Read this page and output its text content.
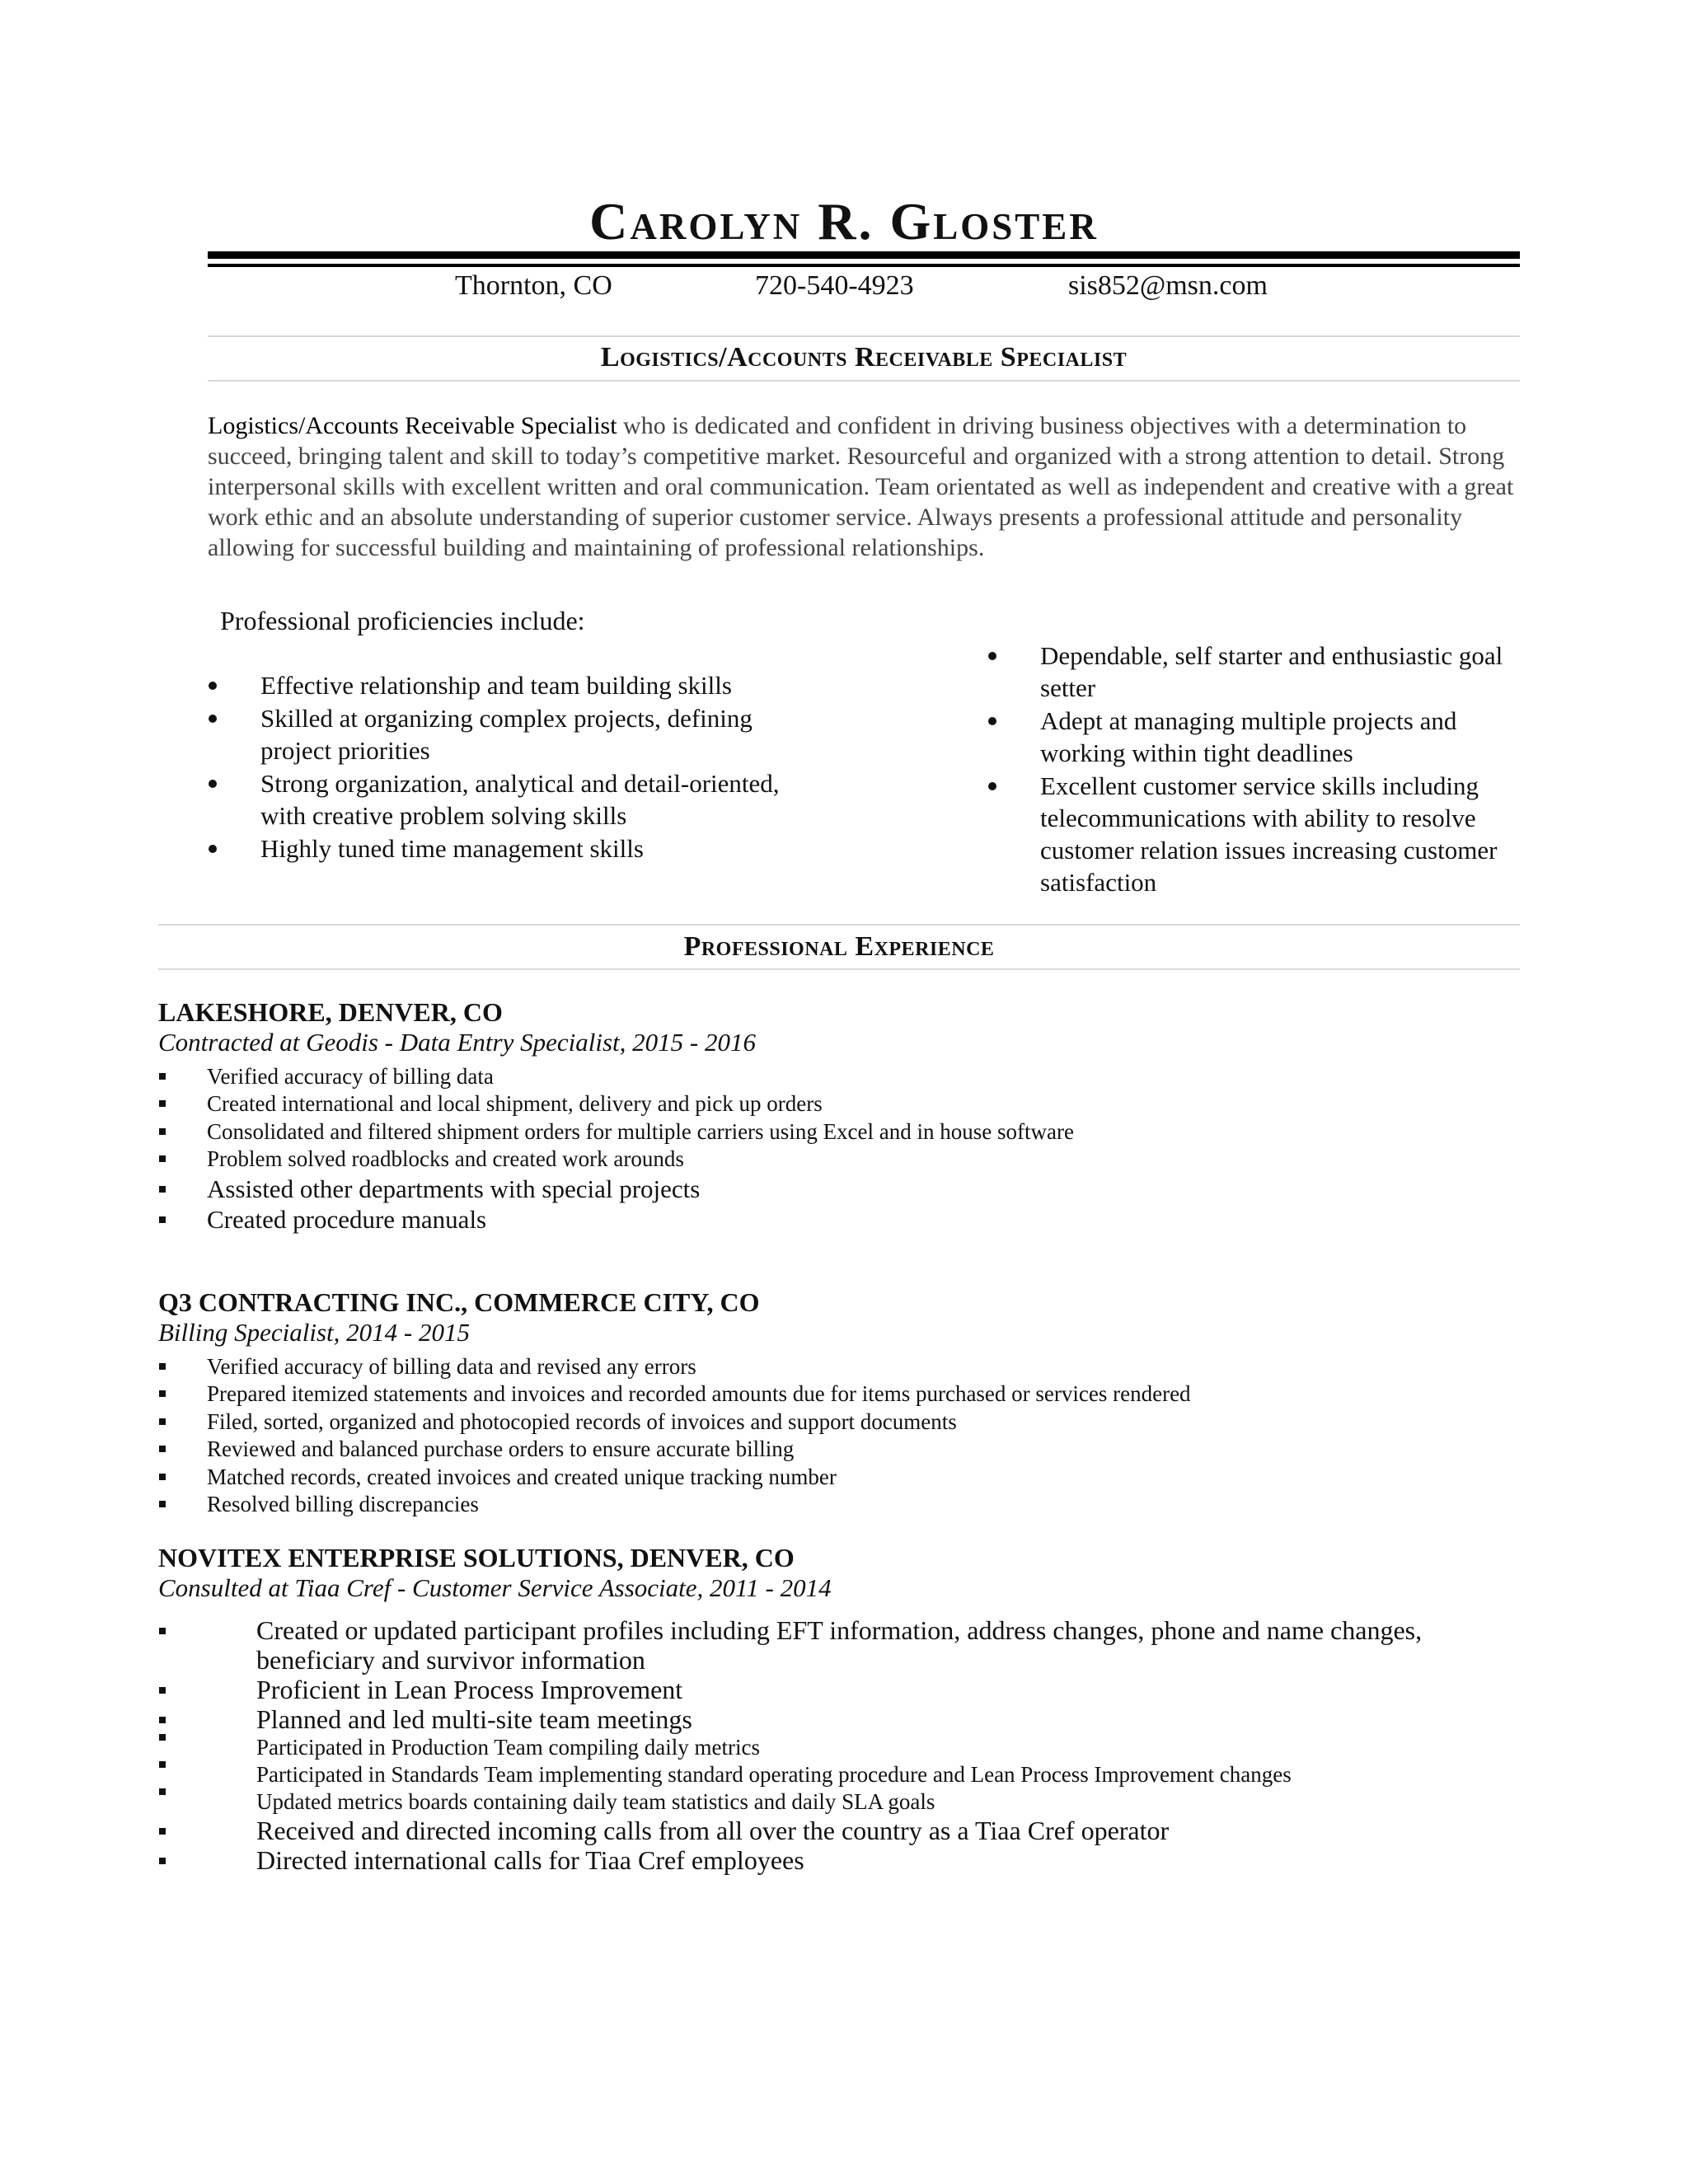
Carolyn R. Gloster
Thornton, CO	720-540-4923	sis852@msn.com
Logistics/Accounts Receivable Specialist
Logistics/Accounts Receivable Specialist who is dedicated and confident in driving business objectives with a determination to succeed, bringing talent and skill to today’s competitive market. Resourceful and organized with a strong attention to detail. Strong interpersonal skills with excellent written and oral communication. Team orientated as well as independent and creative with a great work ethic and an absolute understanding of superior customer service. Always presents a professional attitude and personality allowing for successful building and maintaining of professional relationships.
Professional proficiencies include:
Effective relationship and team building skills
Skilled at organizing complex projects, defining project priorities
Strong organization, analytical and detail-oriented, with creative problem solving skills
Highly tuned time management skills
Dependable, self starter and enthusiastic goal setter
Adept at managing multiple projects and working within tight deadlines
Excellent customer service skills including telecommunications with ability to resolve customer relation issues increasing customer satisfaction
Professional Experience
LAKESHORE, DENVER, CO
Contracted at Geodis - Data Entry Specialist, 2015 - 2016
Verified accuracy of billing data
Created international and local shipment, delivery and pick up orders
Consolidated and filtered shipment orders for multiple carriers using Excel and in house software
Problem solved roadblocks and created work arounds
Assisted other departments with special projects
Created procedure manuals
Q3 CONTRACTING INC., COMMERCE CITY, CO
Billing Specialist, 2014 - 2015
Verified accuracy of billing data and revised any errors
Prepared itemized statements and invoices and recorded amounts due for items purchased or services rendered
Filed, sorted, organized and photocopied records of invoices and support documents
Reviewed and balanced purchase orders to ensure accurate billing
Matched records, created invoices and created unique tracking number
Resolved billing discrepancies
NOVITEX ENTERPRISE SOLUTIONS, DENVER, CO
Consulted at Tiaa Cref - Customer Service Associate, 2011 - 2014
Created or updated participant profiles including EFT information, address changes, phone and name changes, beneficiary and survivor information
Proficient in Lean Process Improvement
Planned and led multi-site team meetings
Participated in Production Team compiling daily metrics
Participated in Standards Team implementing standard operating procedure and Lean Process Improvement changes
Updated metrics boards containing daily team statistics and daily SLA goals
Received and directed incoming calls from all over the country as a Tiaa Cref operator
Directed international calls for Tiaa Cref employees
